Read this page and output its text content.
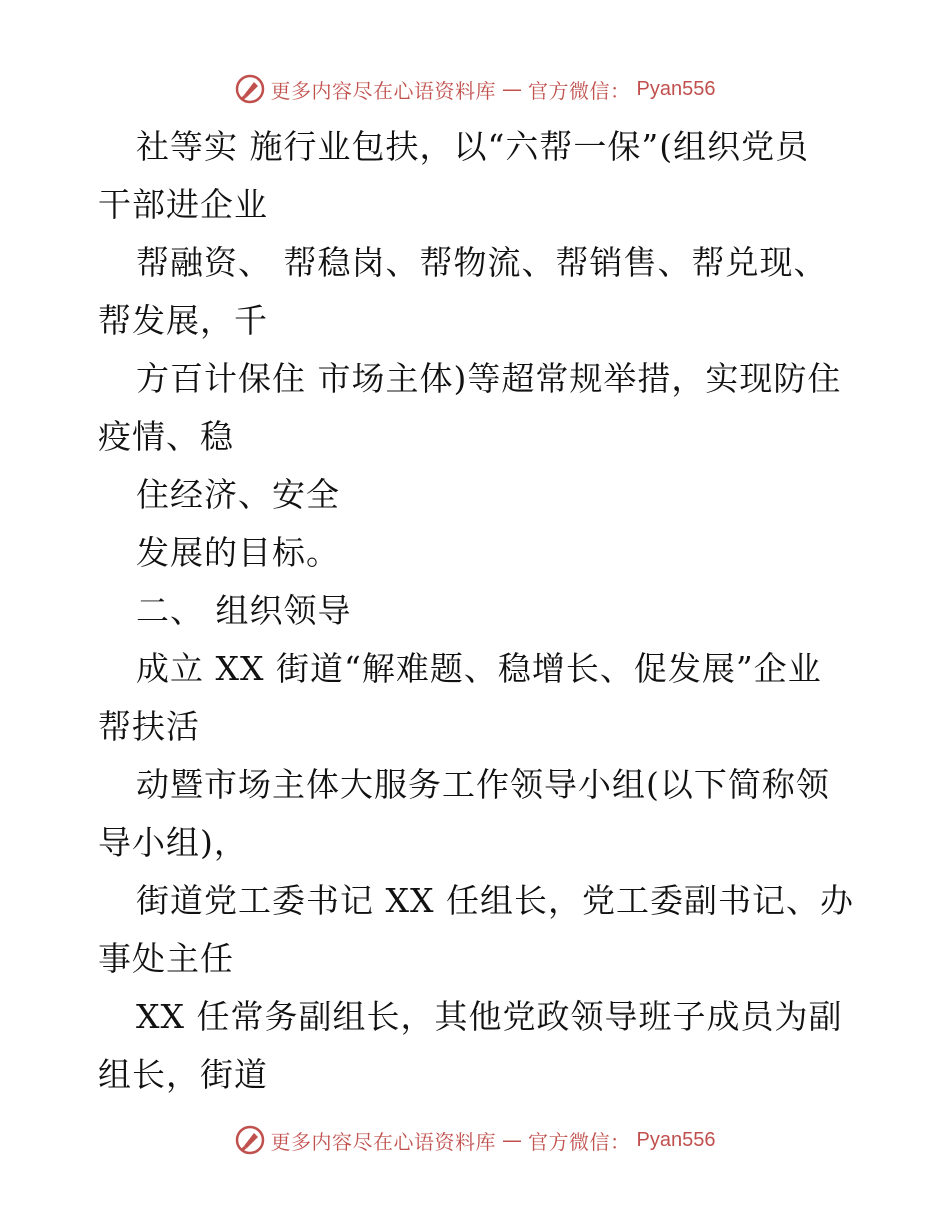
更多内容尽在心语资料库 — 官方微信： Pyan556
社等实 施行业包扶，以“六帮一保”(组织党员
干部进企业
帮融资、 帮稳岗、帮物流、帮销售、帮兑现、
帮发展，千
方百计保住 市场主体)等超常规举措，实现防住
疫情、稳
住经济、安全
发展的目标。
二、 组织领导
成立 XX 街道“解难题、稳增长、促发展”企业
帮扶活
动暨市场主体大服务工作领导小组(以下简称领
导小组)，
街道党工委书记 XX 任组长，党工委副书记、办
事处主任
XX 任常务副组长，其他党政领导班子成员为副
组长，街道
更多内容尽在心语资料库 — 官方微信： Pyan556
